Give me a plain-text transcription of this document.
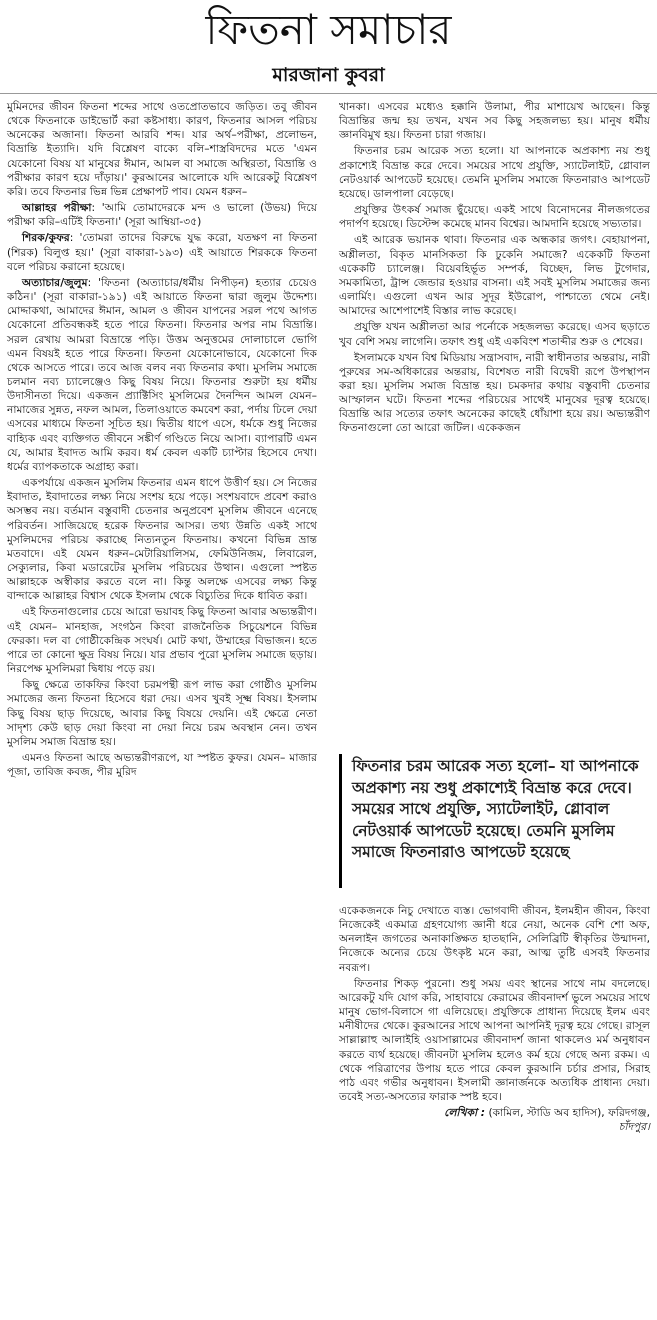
ফিতনা সমাচার
মারজানা কুবরা

মুমিনদের জীবন ফিতনা শব্দের সাথে ওতপ্রোতভাবে জড়িত। তবু জীবন থেকে ফিতনাকে ডাইভোর্ট করা কষ্টসাধ্য। কারণ, ফিতনার আসল পরিচয় অনেকের অজানা। ফিতনা আরবি শব্দ। যার অর্থ–পরীক্ষা, প্রলোভন, বিভ্রান্তি ইত্যাদি। যদি বিশ্লেষণ বাক্যে বলি–শাস্ত্রবিদদের মতে 'এমন যেকোনো বিষয় যা মানুষের ঈমান, আমল বা সমাজে অস্থিরতা, বিভ্রান্তি ও পরীক্ষার কারণ হয়ে দাঁড়ায়।' কুরআনের আলোকে যদি আরেকটু বিশ্লেষণ করি। তবে ফিতনার ভিন্ন ভিন্ন প্রেক্ষাপট পাব। যেমন ধরুন–

আল্লাহর পরীক্ষা: 'আমি তোমাদেরকে মন্দ ও ভালো (উভয়) দিয়ে পরীক্ষা করি–এটিই ফিতনা।' (সূরা আম্বিয়া-৩৫)

শিরক/কুফর: 'তোমরা তাদের বিরুদ্ধে যুদ্ধ করো, যতক্ষণ না ফিতনা (শিরক) বিলুপ্ত হয়।' (সূরা বাকারা-১৯৩) এই আয়াতে শিরককে ফিতনা বলে পরিচয় করানো হয়েছে।

অত্যাচার/জুলুম: 'ফিতনা (অত্যাচার/ধর্মীয় নিপীড়ন) হত্যার চেয়েও কঠিন।' (সূরা বাকারা-১৯১) এই আয়াতে ফিতনা দ্বারা জুলুম উদ্দেশ্য। মোদ্দাকথা, আমাদের ঈমান, আমল ও জীবন যাপনের সরল পথে আগত যেকোনো প্রতিবন্ধকই হতে পারে ফিতনা। ফিতনার অপর নাম বিভ্রান্তি। সরল রেখায় আমরা বিভ্রান্তে পড়ি। উত্তম অনুত্তমের দোলাচালে ভোগি এমন বিষয়ই হতে পারে ফিতনা। ফিতনা যেকোনোভাবে, যেকোনো দিক থেকে আসতে পারে। তবে আজ বলব নব্য ফিতনার কথা। মুসলিম সমাজে চলমান নব্য চ্যালেঞ্জেও কিছু বিষয় নিয়ে। ফিতনার শুরুটা হয় ধর্মীয় উদাসীনতা দিয়ে। একজন প্র্যাক্টিসিং মুসলিমের দৈনন্দিন আমল যেমন–নামাজের সুন্নত, নফল আমল, তিলাওয়াতে কমবেশ করা, পর্দায় ঢিলে দেয়া এসবের মাধ্যমে ফিতনা সূচিত হয়। দ্বিতীয় ধাপে এসে, ধর্মকে শুধু নিজের বাহ্যিক এবং ব্যক্তিগত জীবনে সঙ্কীর্ণ গণ্ডিতে নিয়ে আসা। ব্যাপারটি এমন যে, আমার ইবাদত আমি করব। ধর্ম কেবল একটি চ্যাপ্টার হিসেবে দেখা। ধর্মের ব্যাপকতাকে অগ্রাহ্য করা।

একপর্যায়ে একজন মুসলিম ফিতনার এমন ধাপে উত্তীর্ণ হয়। সে নিজের ইবাদাত, ইবাদাতের লক্ষ্য নিয়ে সংশয় হয়ে পড়ে। সংশয়বাদে প্রবেশ করাও অসম্ভব নয়। বর্তমান বস্তুবাদী চেতনার অনুপ্রবেশ মুসলিম জীবনে এনেছে পরিবর্তন। সাজিয়েছে হরেক ফিতনার আসর। তথ্য উন্নতি একই সাথে মুসলিমদের পরিচয় করাচ্ছে নিত্যনতুন ফিতনায়। কখনো বিভিন্ন ভ্রান্ত মতবাদে। এই যেমন ধরুন–মেটারিয়ালিসম, ফেমিউনিজম, লিবারেল, সেক্যুলার, কিবা মডারেটের মুসলিম পরিচয়ের উত্থান। এগুলো স্পষ্টত আল্লাহকে অস্বীকার করতে বলে না। কিন্তু অলক্ষে এসবের লক্ষ্য কিন্তু বান্দাকে আল্লাহর বিশ্বাস থেকে ইসলাম থেকে বিচ্যুতির দিকে ধাবিত করা।

এই ফিতনাগুলোর চেয়ে আরো ভয়াবহ কিছু ফিতনা আবার অভ্যন্তরীণ। এই যেমন– মানহাজ, সংগঠন কিংবা রাজনৈতিক সিচুয়েশনে বিভিন্ন ফেরকা। দল বা গোষ্ঠীকেন্দ্রিক সংঘর্ষ। মোট কথা, উম্মাহের বিভাজন। হতে পারে তা কোনো ক্ষুদ্র বিষয় নিয়ে। যার প্রভাব পুরো মুসলিম সমাজে ছড়ায়। নিরপেক্ষ মুসলিমরা দ্বিধায় পড়ে রয়।

কিছু ক্ষেত্রে তাকফির কিংবা চরমপন্থী রূপ লাভ করা গোষ্ঠীও মুসলিম সমাজের জন্য ফিতনা হিসেবে ধরা দেয়। এসব খুবই সূক্ষ্ম বিষয়। ইসলাম কিছু বিষয় ছাড় দিয়েছে, আবার কিছু বিষয়ে দেয়নি। এই ক্ষেত্রে নেতা সাদৃশ্য কেউ ছাড় দেয়া কিংবা না দেয়া নিয়ে চরম অবস্থান নেন। তখন মুসলিম সমাজ বিভ্রান্ত হয়।

এমনও ফিতনা আছে অভ্যন্তরীণরূপে, যা স্পষ্টত কুফর। যেমন– মাজার পূজা, তাবিজ কবজ, পীর মুরিদ

খানকা। এসবের মধ্যেও হক্কানি উলামা, পীর মাশায়েখ আছেন। কিন্তু বিভ্রান্তির জন্ম হয় তখন, যখন সব কিছু সহজলভ্য হয়। মানুষ ধর্মীয় জ্ঞানবিমুখ হয়। ফিতনা চারা গজায়।

ফিতনার চরম আরেক সত্য হলো। যা আপনাকে অপ্রকাশ্য নয় শুধু প্রকাশ্যেই বিভ্রান্ত করে দেবে। সময়ের সাথে প্রযুক্তি, স্যাটেলাইট, গ্লোবাল নেটওয়ার্ক আপডেট হয়েছে। তেমনি মুসলিম সমাজে ফিতনারাও আপডেট হয়েছে। ডালপালা বেড়েছে।

প্রযুক্তির উৎকর্ষ সমাজ ছুঁয়েছে। একই সাথে বিনোদনের নীলজগতের পদার্পণ হয়েছে। ডিস্টেন্স কমেছে মানব বিশ্বের। আমদানি হয়েছে সভ্যতার।

এই আরেক ভয়ানক থাবা। ফিতনার এক অন্ধকার জগৎ। বেহায়াপনা, অশ্লীলতা, বিকৃত মানসিকতা কি ঢুকেনি সমাজে? একেকটি ফিতনা একেকটি চ্যালেঞ্জ। বিয়েবহির্ভূত সম্পর্ক, বিচ্ছেদ, লিভ টুগেদার, সমকামিতা, ট্রান্স জেন্ডার হওয়ার বাসনা। এই সবই মুসলিম সমাজের জন্য এলার্মিং। এগুলো এখন আর সুদূর ইউরোপ, পাশ্চাত্যে থেমে নেই। আমাদের আশেপাশেই বিস্তার লাভ করেছে।

প্রযুক্তি যখন অশ্লীলতা আর পর্নোকে সহজলভ্য করেছে। এসব ছড়াতে খুব বেশি সময় লাগেনি। তফাৎ শুধু এই একবিংশ শতাব্দীর শুরু ও শেষের।

ইসলামকে যখন বিশ্ব মিডিয়ায় সন্ত্রাসবাদ, নারী স্বাধীনতার অন্তরায়, নারী পুরুষের সম-অধিকারের অন্তরায়, বিশেষত নারী বিদ্বেষী রূপে উপস্থাপন করা হয়। মুসলিম সমাজ বিভ্রান্ত হয়। চমকদার কথায় বস্তুবাদী চেতনার আস্ফালন ঘটে। ফিতনা শব্দের পরিচয়ের সাথেই মানুষের দূরত্ব হয়েছে। বিভ্রান্তি আর সত্যের তফাৎ অনেকের কাছেই ধোঁয়াশা হয়ে রয়। অভ্যন্তরীণ ফিতনাগুলো তো আরো জটিল। একেকজন

ফিতনার চরম আরেক সত্য হলো– যা আপনাকে অপ্রকাশ্য নয় শুধু প্রকাশ্যেই বিভ্রান্ত করে দেবে। সময়ের সাথে প্রযুক্তি, স্যাটেলাইট, গ্লোবাল নেটওয়ার্ক আপডেট হয়েছে। তেমনি মুসলিম সমাজে ফিতনারাও আপডেট হয়েছে

একেকজনকে নিচু দেখাতে ব্যস্ত। ভোগবাদী জীবন, ইলমহীন জীবন, কিংবা নিজেকেই একমাত্র গ্রহণযোগ্য জ্ঞানী ধরে নেয়া, অনেক বেশি শো অফ, অনলাইন জগতের অনাকাঙ্ক্ষিত হাতছানি, সেলিব্রিটি স্বীকৃতির উন্মাদনা, নিজেকে অন্যের চেয়ে উৎকৃষ্ট মনে করা, আত্ম তুষ্টি এসবই ফিতনার নবরূপ।

ফিতনার শিকড় পুরনো। শুধু সময় এবং স্থানের সাথে নাম বদলেছে। আরেকটু যদি যোগ করি, সাহাবায়ে কেরামের জীবনাদর্শ ভুলে সময়ের সাথে মানুষ ভোগ-বিলাসে গা এলিয়েছে। প্রযুক্তিকে প্রাধান্য দিয়েছে ইলম এবং মনীষীদের থেকে। কুরআনের সাথে আপনা আপনিই দূরত্ব হয়ে গেছে। রাসূল সাল্লাল্লাহু আলাইহি ওয়াসাল্লামের জীবনাদর্শ জানা থাকলেও মর্ম অনুধাবন করতে ব্যর্থ হয়েছে। জীবনটা মুসলিম হলেও কর্ম হয়ে গেছে অন্য রকম। এ থেকে পরিত্রাণের উপায় হতে পারে কেবল কুরআনি চর্চার প্রসার, সিরাহ পাঠ এবং গভীর অনুধাবন। ইসলামী জ্ঞানার্জনকে অত্যধিক প্রাধান্য দেয়া। তবেই সত্য-অসত্যের ফারাক স্পষ্ট হবে।

লেখিকা : (কামিল, স্টাডি অব হাদিস), ফরিদগঞ্জ,
চাঁদপুর।
